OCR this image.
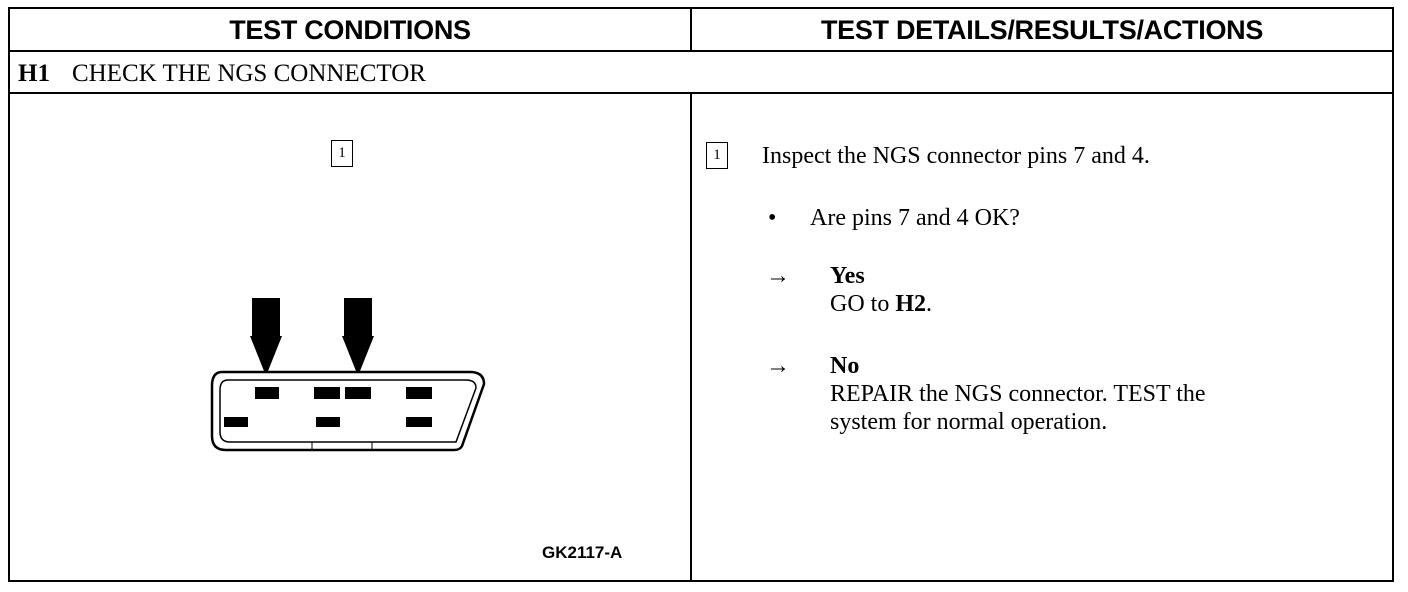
TEST CONDITIONS	TEST DETAILS/RESULTS/ACTIONS
H1 CHECK THE NGS CONNECTOR
1
GK2117-A
1	Inspect the NGS connector pins 7 and 4.
• Are pins 7 and 4 OK?
→ Yes
GO to H2.
→ No
REPAIR the NGS connector. TEST the
system for normal operation.
